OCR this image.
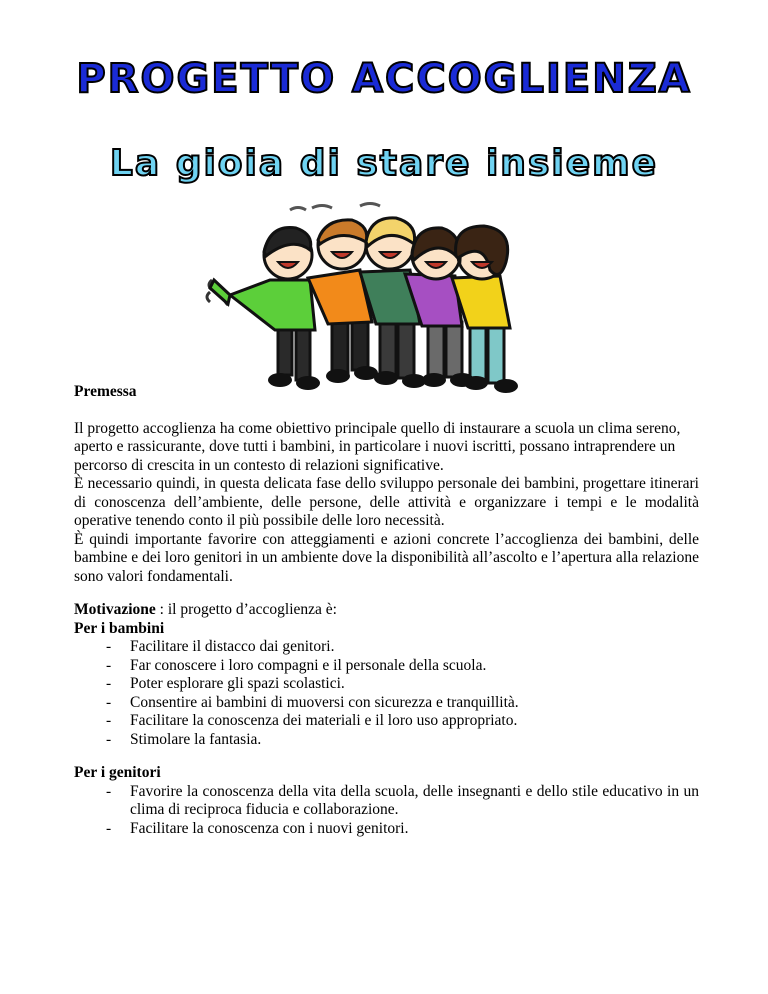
PROGETTO ACCOGLIENZA
La gioia di stare insieme

Premessa

Il progetto accoglienza ha come obiettivo principale quello di instaurare a scuola un clima sereno, aperto e rassicurante, dove tutti i bambini, in particolare i nuovi iscritti, possano intraprendere un percorso di crescita in un contesto di relazioni significative.

È necessario quindi, in questa delicata fase dello sviluppo personale dei bambini, progettare itinerari di conoscenza dell’ambiente, delle persone, delle attività e organizzare i tempi e le modalità operative tenendo conto il più possibile delle loro necessità.

È quindi importante favorire con atteggiamenti e azioni concrete l’accoglienza dei bambini, delle bambine e dei loro genitori in un ambiente dove la disponibilità all’ascolto e l’apertura alla relazione sono valori fondamentali.

Motivazione : il progetto d’accoglienza è:

Per i bambini

- Facilitare il distacco dai genitori.
- Far conoscere i loro compagni e il personale della scuola.
- Poter esplorare gli spazi scolastici.
- Consentire ai bambini di muoversi con sicurezza e tranquillità.
- Facilitare la conoscenza dei materiali e il loro uso appropriato.
- Stimolare la fantasia.

Per i genitori

- Favorire la conoscenza della vita della scuola, delle insegnanti e dello stile educativo in un clima di reciproca fiducia e collaborazione.
- Facilitare la conoscenza con i nuovi genitori.
